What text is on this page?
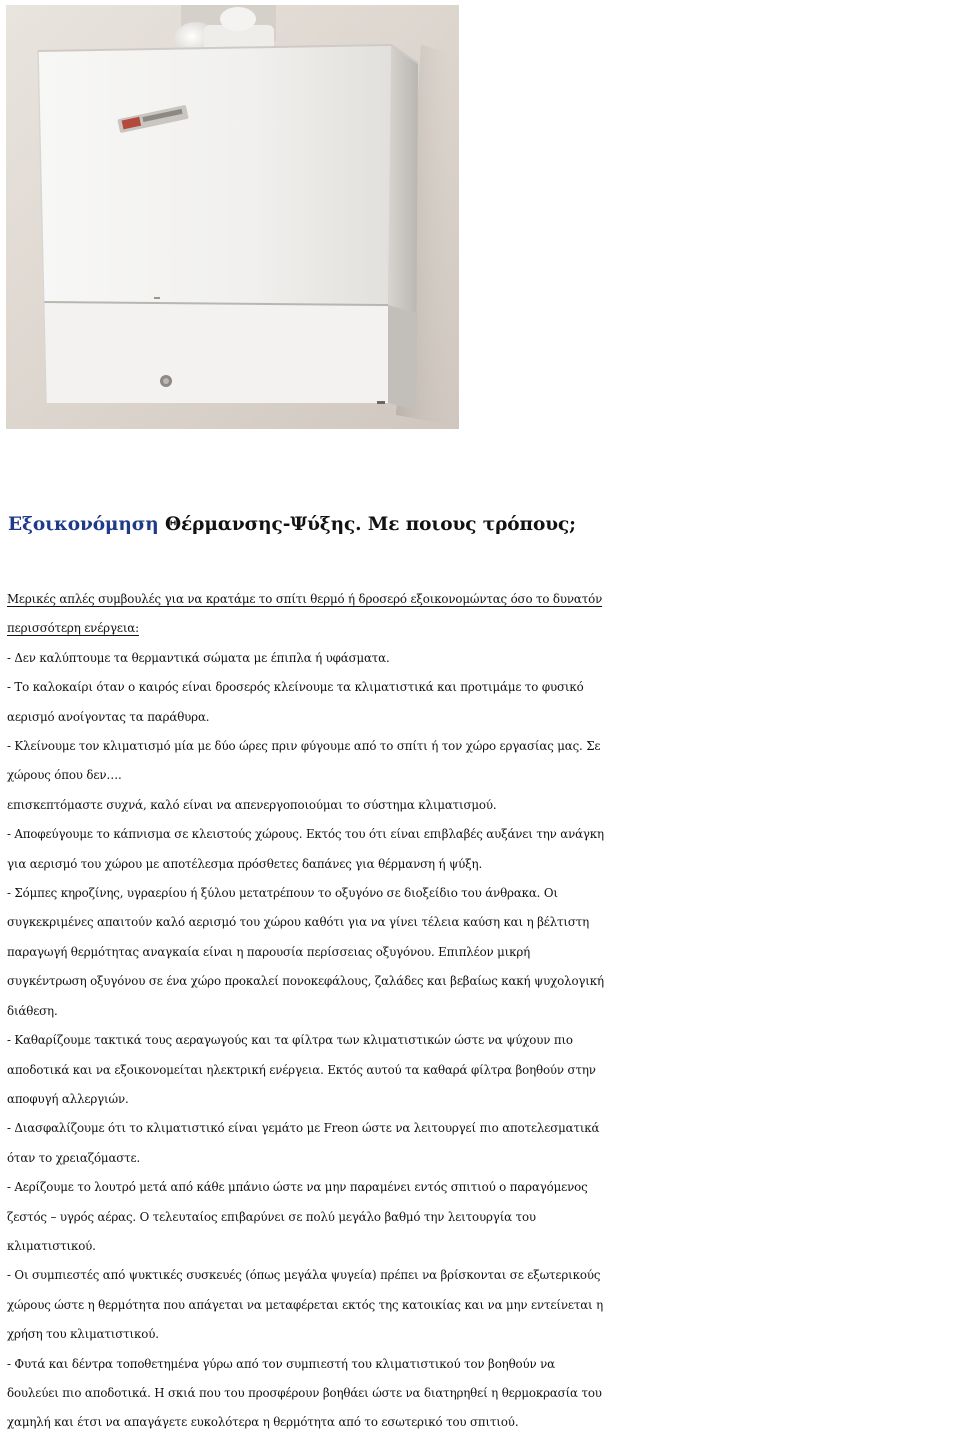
Εξοικονόμηση Θέρμανσης-Ψύξης. Με ποιους τρόπους;
Μερικές απλές συμβουλές για να κρατάμε το σπίτι θερμό ή δροσερό εξοικονομώντας όσο το δυνατόν
περισσότερη ενέργεια:
- Δεν καλύπτουμε τα θερμαντικά σώματα με έπιπλα ή υφάσματα.
- Το καλοκαίρι όταν ο καιρός είναι δροσερός κλείνουμε τα κλιματιστικά και προτιμάμε το φυσικό
αερισμό ανοίγοντας τα παράθυρα.
- Κλείνουμε τον κλιματισμό μία με δύο ώρες πριν φύγουμε από το σπίτι ή τον χώρο εργασίας μας. Σε
χώρους όπου δεν….
επισκεπτόμαστε συχνά, καλό είναι να απενεργοποιούμαι το σύστημα κλιματισμού.
- Αποφεύγουμε το κάπνισμα σε κλειστούς χώρους. Εκτός του ότι είναι επιβλαβές αυξάνει την ανάγκη
για αερισμό του χώρου με αποτέλεσμα πρόσθετες δαπάνες για θέρμανση ή ψύξη.
- Σόμπες κηροζίνης, υγραερίου ή ξύλου μετατρέπουν το οξυγόνο σε διοξείδιο του άνθρακα. Οι
συγκεκριμένες απαιτούν καλό αερισμό του χώρου καθότι για να γίνει τέλεια καύση και η βέλτιστη
παραγωγή θερμότητας αναγκαία είναι η παρουσία περίσσειας οξυγόνου. Επιπλέον μικρή
συγκέντρωση οξυγόνου σε ένα χώρο προκαλεί πονοκεφάλους, ζαλάδες και βεβαίως κακή ψυχολογική
διάθεση.
- Καθαρίζουμε τακτικά τους αεραγωγούς και τα φίλτρα των κλιματιστικών ώστε να ψύχουν πιο
αποδοτικά και να εξοικονομείται ηλεκτρική ενέργεια. Εκτός αυτού τα καθαρά φίλτρα βοηθούν στην
αποφυγή αλλεργιών.
- Διασφαλίζουμε ότι το κλιματιστικό είναι γεμάτο με Freon ώστε να λειτουργεί πιο αποτελεσματικά
όταν το χρειαζόμαστε.
- Αερίζουμε το λουτρό μετά από κάθε μπάνιο ώστε να μην παραμένει εντός σπιτιού ο παραγόμενος
ζεστός – υγρός αέρας. Ο τελευταίος επιβαρύνει σε πολύ μεγάλο βαθμό την λειτουργία του
κλιματιστικού.
- Οι συμπιεστές από ψυκτικές συσκευές (όπως μεγάλα ψυγεία) πρέπει να βρίσκονται σε εξωτερικούς
χώρους ώστε η θερμότητα που απάγεται να μεταφέρεται εκτός της κατοικίας και να μην εντείνεται η
χρήση του κλιματιστικού.
- Φυτά και δέντρα τοποθετημένα γύρω από τον συμπιεστή του κλιματιστικού τον βοηθούν να
δουλεύει πιο αποδοτικά. Η σκιά που του προσφέρουν βοηθάει ώστε να διατηρηθεί η θερμοκρασία του
χαμηλή και έτσι να απαγάγετε ευκολότερα η θερμότητα από το εσωτερικό του σπιτιού.
